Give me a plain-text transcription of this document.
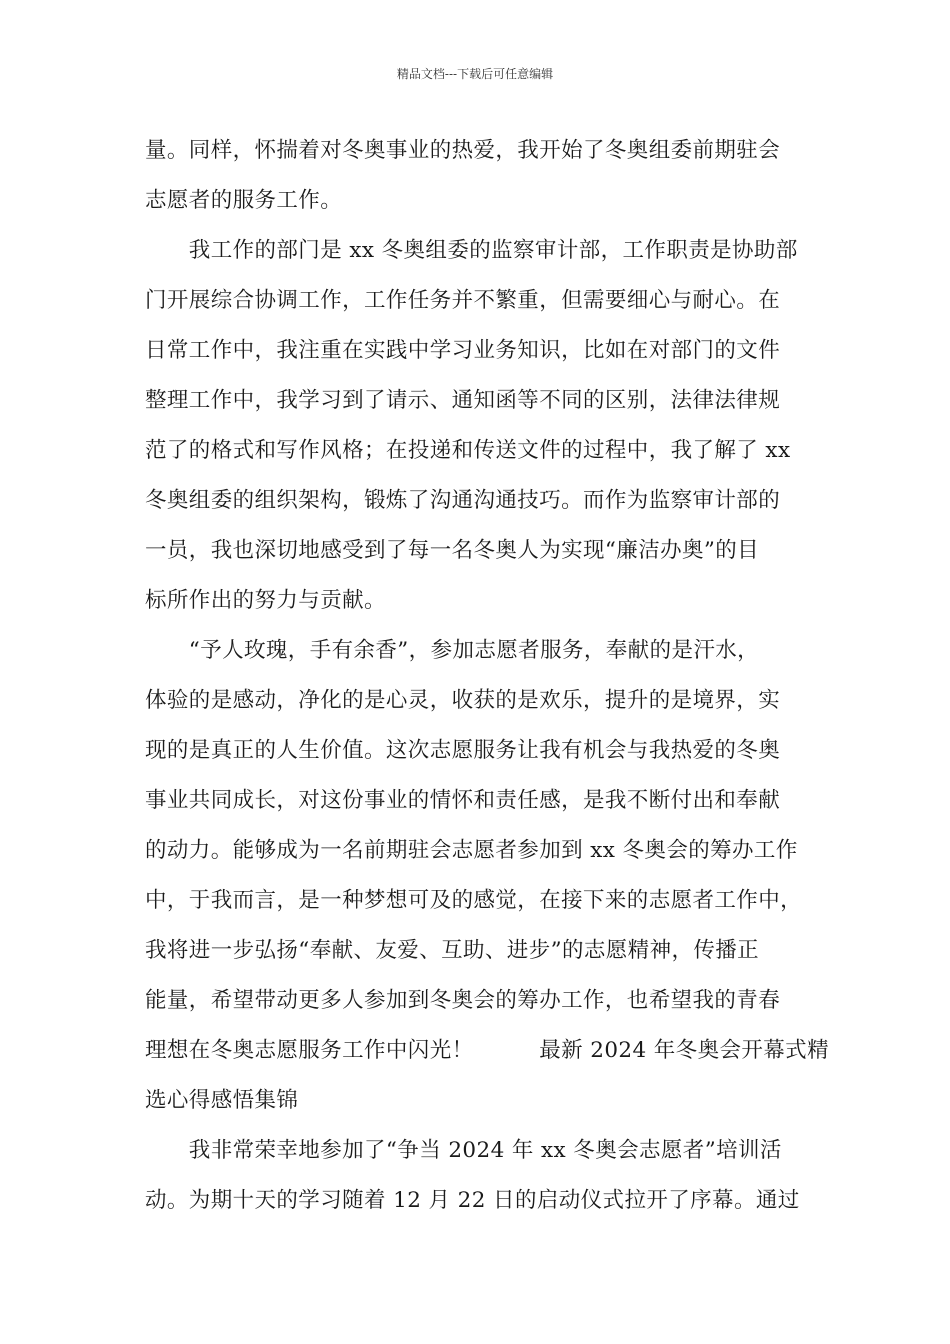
精品文档---下载后可任意编辑
量。同样，怀揣着对冬奥事业的热爱，我开始了冬奥组委前期驻会
志愿者的服务工作。
　　我工作的部门是 xx 冬奥组委的监察审计部，工作职责是协助部
门开展综合协调工作，工作任务并不繁重，但需要细心与耐心。在
日常工作中，我注重在实践中学习业务知识，比如在对部门的文件
整理工作中，我学习到了请示、通知函等不同的区别，法律法律规
范了的格式和写作风格；在投递和传送文件的过程中，我了解了 xx
冬奥组委的组织架构，锻炼了沟通沟通技巧。而作为监察审计部的
一员，我也深切地感受到了每一名冬奥人为实现“廉洁办奥”的目
标所作出的努力与贡献。
　　“予人玫瑰，手有余香”，参加志愿者服务，奉献的是汗水，
体验的是感动，净化的是心灵，收获的是欢乐，提升的是境界，实
现的是真正的人生价值。这次志愿服务让我有机会与我热爱的冬奥
事业共同成长，对这份事业的情怀和责任感，是我不断付出和奉献
的动力。能够成为一名前期驻会志愿者参加到 xx 冬奥会的筹办工作
中，于我而言，是一种梦想可及的感觉，在接下来的志愿者工作中，
我将进一步弘扬“奉献、友爱、互助、进步”的志愿精神，传播正
能量，希望带动更多人参加到冬奥会的筹办工作，也希望我的青春
理想在冬奥志愿服务工作中闪光！　　　最新 2024 年冬奥会开幕式精
选心得感悟集锦
　　我非常荣幸地参加了“争当 2024 年 xx 冬奥会志愿者”培训活
动。为期十天的学习随着 12 月 22 日的启动仪式拉开了序幕。通过
